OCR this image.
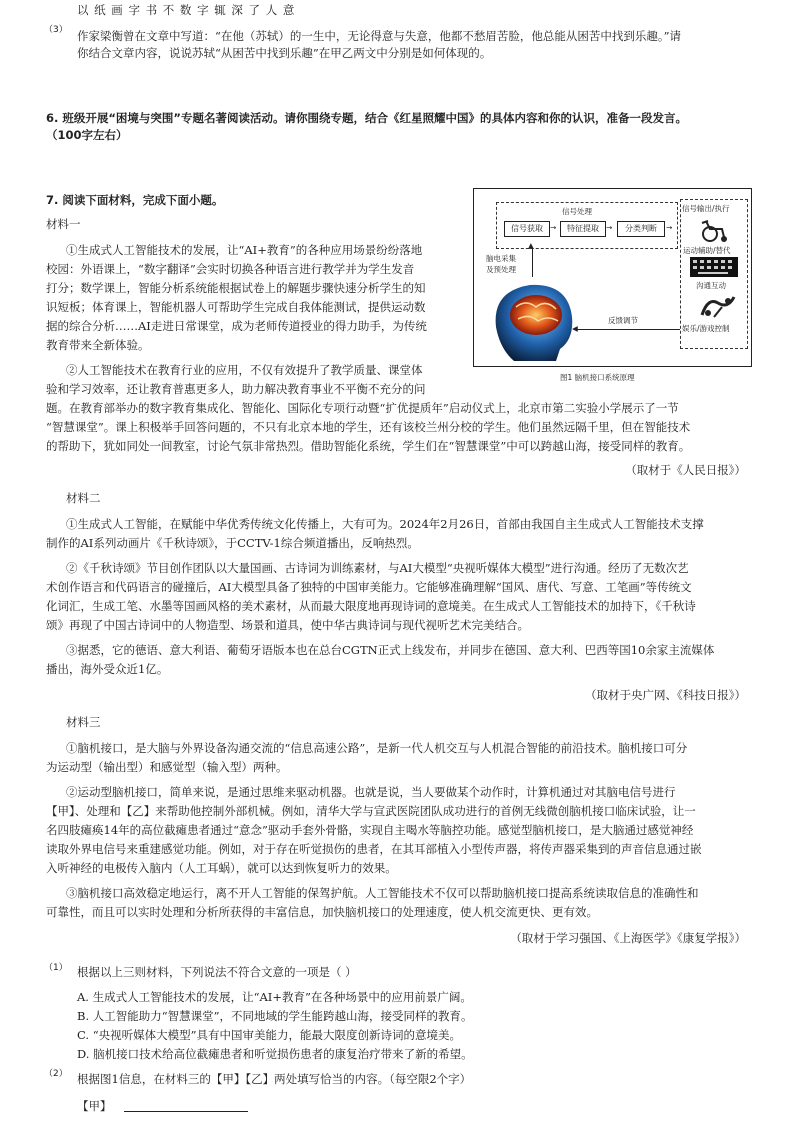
以 纸 画 字 书 不 数 字 辄 深 了 人 意
（3） 作家梁衡曾在文章中写道：“在他（苏轼）的一生中，无论得意与失意，他都不愁眉苦脸，他总能从困苦中找到乐趣。”请
你结合文章内容，说说苏轼“从困苦中找到乐趣”在甲乙两文中分别是如何体现的。
6. 班级开展“困境与突围”专题名著阅读活动。请你围绕专题，结合《红星照耀中国》的具体内容和你的认识，准备一段发言。
（100字左右）
7. 阅读下面材料，完成下面小题。
材料一
①生成式人工智能技术的发展，让“AI+教育”的各种应用场景纷纷落地
校园：外语课上，“数字翻译”会实时切换各种语言进行教学并为学生发音
打分；数学课上，智能分析系统能根据试卷上的解题步骤快速分析学生的知
识短板；体育课上，智能机器人可帮助学生完成自我体能测试，提供运动数
据的综合分析……AI走进日常课堂，成为老师传道授业的得力助手，为传统
教育带来全新体验。
②人工智能技术在教育行业的应用，不仅有效提升了教学质量、课堂体
验和学习效率，还让教育普惠更多人，助力解决教育事业不平衡不充分的问
题。在教育部举办的数字教育集成化、智能化、国际化专项行动暨“扩优提质年”启动仪式上，北京市第二实验小学展示了一节
“智慧课堂”。课上积极举手回答问题的，不只有北京本地的学生，还有该校兰州分校的学生。他们虽然远隔千里，但在智能技术
的帮助下，犹如同处一间教室，讨论气氛非常热烈。借助智能化系统，学生们在“智慧课堂”中可以跨越山海，接受同样的教育。
（取材于《人民日报》）
信号处理
信号获取 →	特征提取 →	分类判断	→
信号输出/执行
运动辅助/替代
沟通互动
娱乐/游戏控制
脑电采集
及预处理
▲
◀
反馈调节
图1 脑机接口系统原理
材料二
①生成式人工智能，在赋能中华优秀传统文化传播上，大有可为。2024年2月26日，首部由我国自主生成式人工智能技术支撑
制作的AI系列动画片《千秋诗颂》，于CCTV-1综合频道播出，反响热烈。
②《千秋诗颂》节目创作团队以大量国画、古诗词为训练素材，与AI大模型“央视听媒体大模型”进行沟通。经历了无数次艺
术创作语言和代码语言的碰撞后，AI大模型具备了独特的中国审美能力。它能够准确理解“国风、唐代、写意、工笔画”等传统文
化词汇，生成工笔、水墨等国画风格的美术素材，从而最大限度地再现诗词的意境美。在生成式人工智能技术的加持下，《千秋诗
颂》再现了中国古诗词中的人物造型、场景和道具，使中华古典诗词与现代视听艺术完美结合。
③据悉，它的德语、意大利语、葡萄牙语版本也在总台CGTN正式上线发布，并同步在德国、意大利、巴西等国10余家主流媒体
播出，海外受众近1亿。
（取材于央广网、《科技日报》）
材料三
①脑机接口，是大脑与外界设备沟通交流的“信息高速公路”，是新一代人机交互与人机混合智能的前沿技术。脑机接口可分
为运动型（输出型）和感觉型（输入型）两种。
②运动型脑机接口，简单来说，是通过思维来驱动机器。也就是说，当人要做某个动作时，计算机通过对其脑电信号进行
【甲】、处理和【乙】来帮助他控制外部机械。例如，清华大学与宣武医院团队成功进行的首例无线微创脑机接口临床试验，让一
名四肢瘫痪14年的高位截瘫患者通过“意念”驱动手套外骨骼，实现自主喝水等脑控功能。感觉型脑机接口，是大脑通过感觉神经
读取外界电信号来重建感觉功能。例如，对于存在听觉损伤的患者，在其耳部植入小型传声器，将传声器采集到的声音信息通过嵌
入听神经的电极传入脑内（人工耳蜗），就可以达到恢复听力的效果。
③脑机接口高效稳定地运行，离不开人工智能的保驾护航。人工智能技术不仅可以帮助脑机接口提高系统读取信息的准确性和
可靠性，而且可以实时处理和分析所获得的丰富信息，加快脑机接口的处理速度，使人机交流更快、更有效。
（取材于学习强国、《上海医学》《康复学报》）
（1） 根据以上三则材料，下列说法不符合文意的一项是（ ）
A. 生成式人工智能技术的发展，让“AI+教育”在各种场景中的应用前景广阔。
B. 人工智能助力“智慧课堂”，不同地域的学生能跨越山海，接受同样的教育。
C. “央视听媒体大模型”具有中国审美能力，能最大限度创新诗词的意境美。
D. 脑机接口技术给高位截瘫患者和听觉损伤患者的康复治疗带来了新的希望。
（2） 根据图1信息，在材料三的【甲】【乙】两处填写恰当的内容。（每空限2个字）
【甲】
